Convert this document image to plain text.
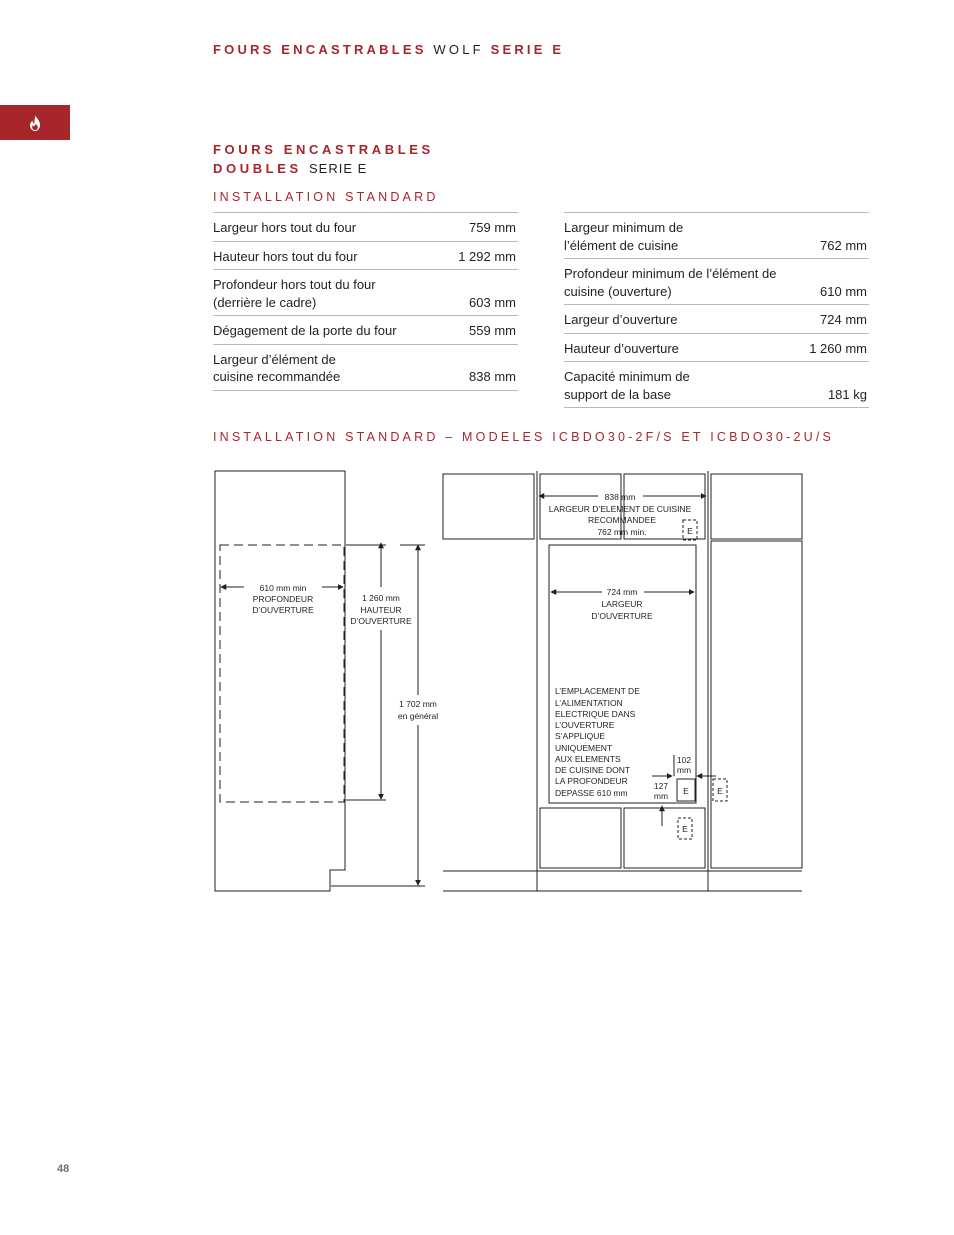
FOURS ENCASTRABLES WOLF SERIE E
FOURS ENCASTRABLES
DOUBLES SERIE E
INSTALLATION STANDARD
Largeur hors tout du four	759 mm
Hauteur hors tout du four	1 292 mm
Profondeur hors tout du four (derrière le cadre)	603 mm
Dégagement de la porte du four	559 mm
Largeur d’élément de cuisine recommandée	838 mm
Largeur minimum de l’élément de cuisine	762 mm
Profondeur minimum de l’élément de cuisine (ouverture)	610 mm
Largeur d’ouverture	724 mm
Hauteur d’ouverture	1 260 mm
Capacité minimum de support de la base	181 kg
INSTALLATION STANDARD – MODELES ICBDO30-2F/S ET ICBDO30-2U/S
610 mm min
PROFONDEUR
D’OUVERTURE
1 260 mm
HAUTEUR
D’OUVERTURE
1 702 mm
en général
838 mm
LARGEUR D’ELEMENT DE CUISINE
RECOMMANDEE
762 mm min.
724 mm
LARGEUR
D’OUVERTURE
102
mm
127
mm
E
E	E
E
L’EMPLACEMENT DE
L’ALIMENTATION
ELECTRIQUE DANS
L’OUVERTURE
S’APPLIQUE
UNIQUEMENT
AUX ELEMENTS
DE CUISINE DONT
LA PROFONDEUR
DEPASSE 610 mm
48
